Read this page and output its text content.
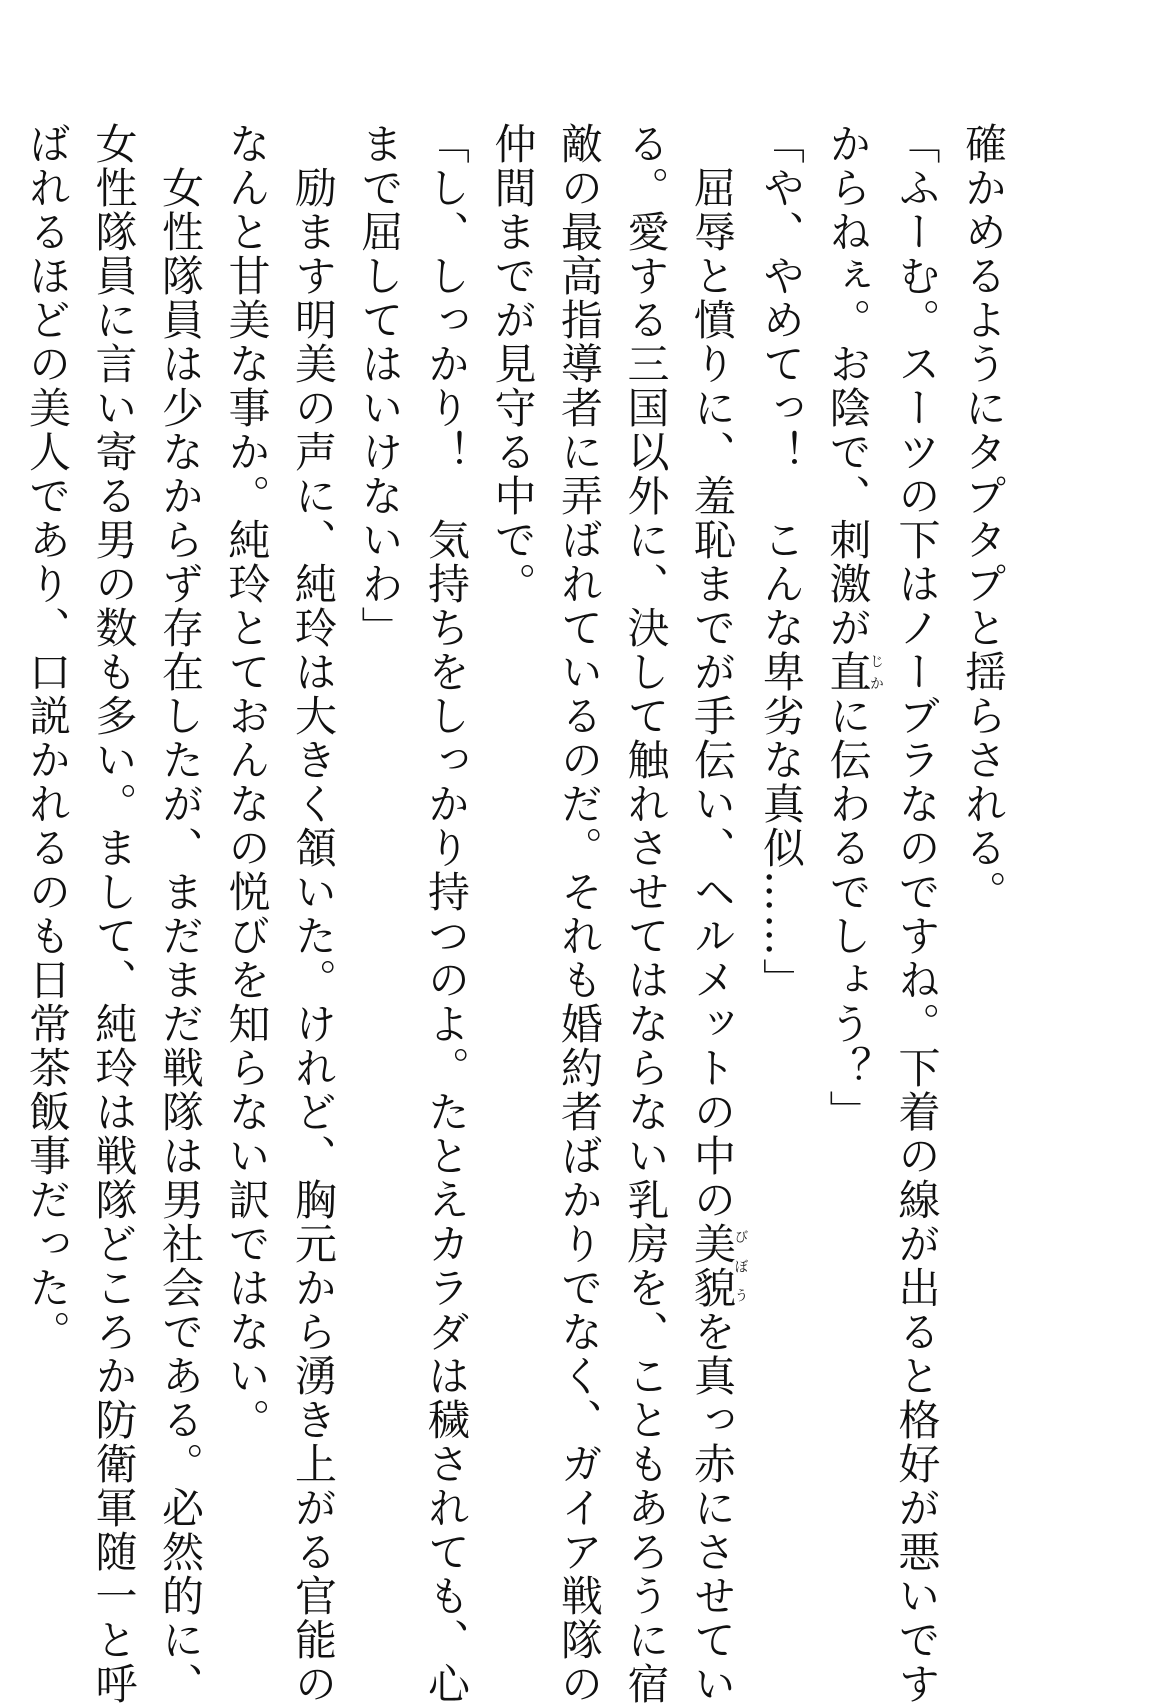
確かめるようにタプタプと揺らされる。
「ふーむ。スーツの下はノーブラなのですね。下着の線が出ると格好が悪いです
からねぇ。お陰で、刺激が直じかに伝わるでしょう？」
「や、やめてっ！　こんな卑劣な真似……」
　屈辱と憤りに、羞恥までが手伝い、ヘルメットの中の美貌びぼうを真っ赤にさせてい
る。愛する三国以外に、決して触れさせてはならない乳房を、こともあろうに宿
敵の最高指導者に弄ばれているのだ。それも婚約者ばかりでなく、ガイア戦隊の
仲間までが見守る中で。
「し、しっかり！　気持ちをしっかり持つのよ。たとえカラダは穢されても、心
まで屈してはいけないわ」
　励ます明美の声に、純玲は大きく頷いた。けれど、胸元から湧き上がる官能の
なんと甘美な事か。純玲とておんなの悦びを知らない訳ではない。
　女性隊員は少なからず存在したが、まだまだ戦隊は男社会である。必然的に、
女性隊員に言い寄る男の数も多い。まして、純玲は戦隊どころか防衛軍随一と呼
ばれるほどの美人であり、口説かれるのも日常茶飯事だった。
